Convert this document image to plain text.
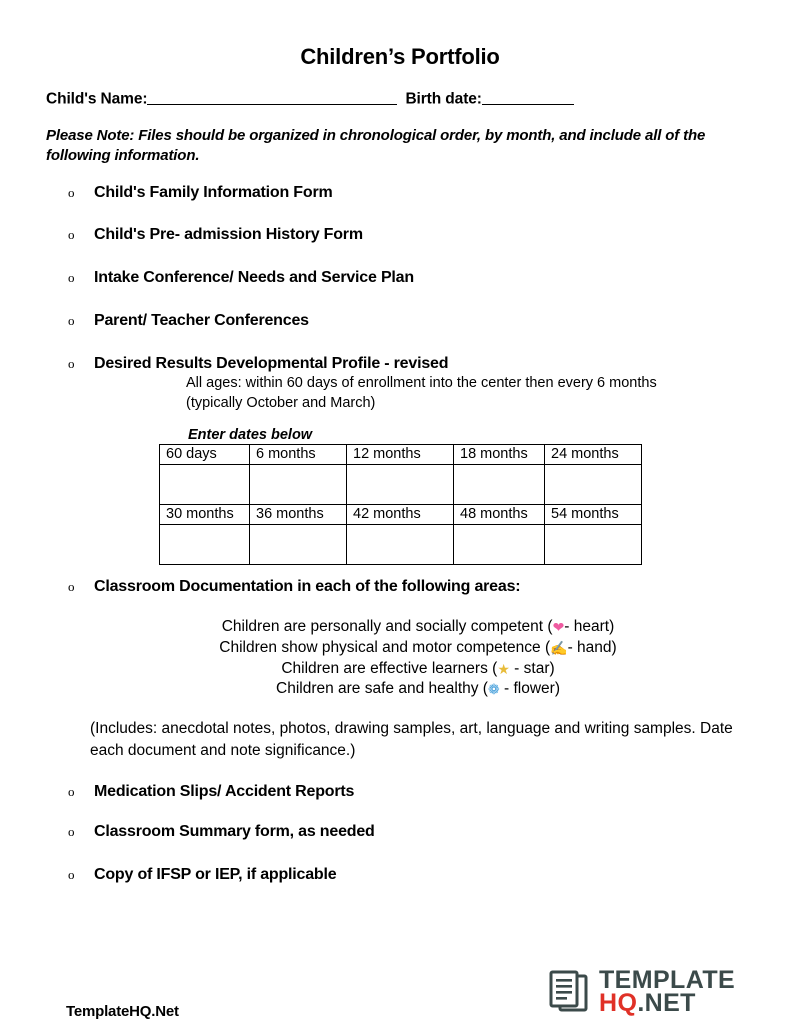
Children’s Portfolio
Child's Name:	Birth date:
Please Note: Files should be organized in chronological order, by month, and include all of the following information.
o	Child's Family Information Form
o	Child's Pre- admission History Form
o	Intake Conference/ Needs and Service Plan
o	Parent/ Teacher Conferences
o	Desired Results Developmental Profile - revised
All ages: within 60 days of enrollment into the center then every 6 months (typically October and March)
Enter dates below
60 days	6 months	12 months	18 months	24 months

30 months	36 months	42 months	48 months	54 months

o	Classroom Documentation in each of the following areas:
Children are personally and socially competent (❤- heart)
Children show physical and motor competence (✍- hand)
Children are effective learners (★ - star)
Children are safe and healthy (❁ - flower)
(Includes: anecdotal notes, photos, drawing samples, art, language and writing samples. Date each document and note significance.)
o	Medication Slips/ Accident Reports
o	Classroom Summary form, as needed
o	Copy of IFSP or IEP, if applicable
TemplateHQ.Net
TEMPLATE
HQ.NET
